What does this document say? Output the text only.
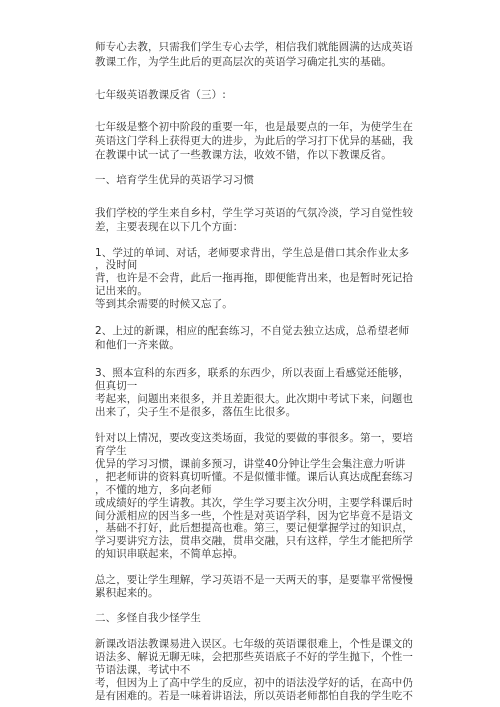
师专心去教，只需我们学生专心去学，相信我们就能圆满的达成英语

教课工作，为学生此后的更高层次的英语学习确定扎实的基础。

七年级英语教课反省（三）:

七年级是整个初中阶段的重要一年，也是最要点的一年，为使学生在

英语这门学科上获得更大的进步，为此后的学习打下优异的基础，我

在教课中试一试了一些教课方法，收效不错，作以下教课反省。

一、培育学生优异的英语学习习惯

我们学校的学生来自乡村，学生学习英语的气氛冷淡，学习自觉性较

差，主要表现在以下几个方面：

1、学过的单词、对话，老师要求背出，学生总是借口其余作业太多

，没时间

背，也许是不会背，此后一拖再拖，即便能背出来，也是暂时死记拾

记出来的。

等到其余需要的时候又忘了。

2、上过的新课，相应的配套练习，不自觉去独立达成，总希望老师

和他们一齐来做。

3、照本宣科的东西多，联系的东西少，所以表面上看感觉还能够，

但真切一

考起来，问题出来很多，并且差距很大。此次期中考试下来，问题也

出来了，尖子生不是很多，落伍生比很多。

针对以上情况，要改变这类场面，我觉的要做的事很多。第一，要培

育学生

优异的学习习惯，课前多预习，讲堂40分钟让学生会集注意力听讲

，把老师讲的资料真切听懂。不是似懂非懂。课后认真达成配套练习

，不懂的地方，多向老师

或成绩好的学生请教。其次，学生学习要主次分明，主要学科课后时

间分派相应的因当多一些，个性是对英语学科，因为它毕竟不是语文

，基础不打好，此后想提高也难。第三，要记便掌握学过的知识点，

学习要讲究方法，贯串交融，贯串交融，只有这样，学生才能把所学

的知识串联起来，不简单忘掉。

总之，要让学生理解，学习英语不是一天两天的事，是要靠平常慢慢

累积起来的。

二、多怪自我少怪学生

新课改语法教课易进入误区。七年级的英语课很难上，个性是课文的

语法多、解说无聊无味，会把那些英语底子不好的学生抛下，个性一

节语法课，考试中不

考，但因为上了高中学生的反应，初中的语法没学好的话，在高中仍

是有困难的。若是一味着讲语法，所以英语老师都怕自我的学生吃不
